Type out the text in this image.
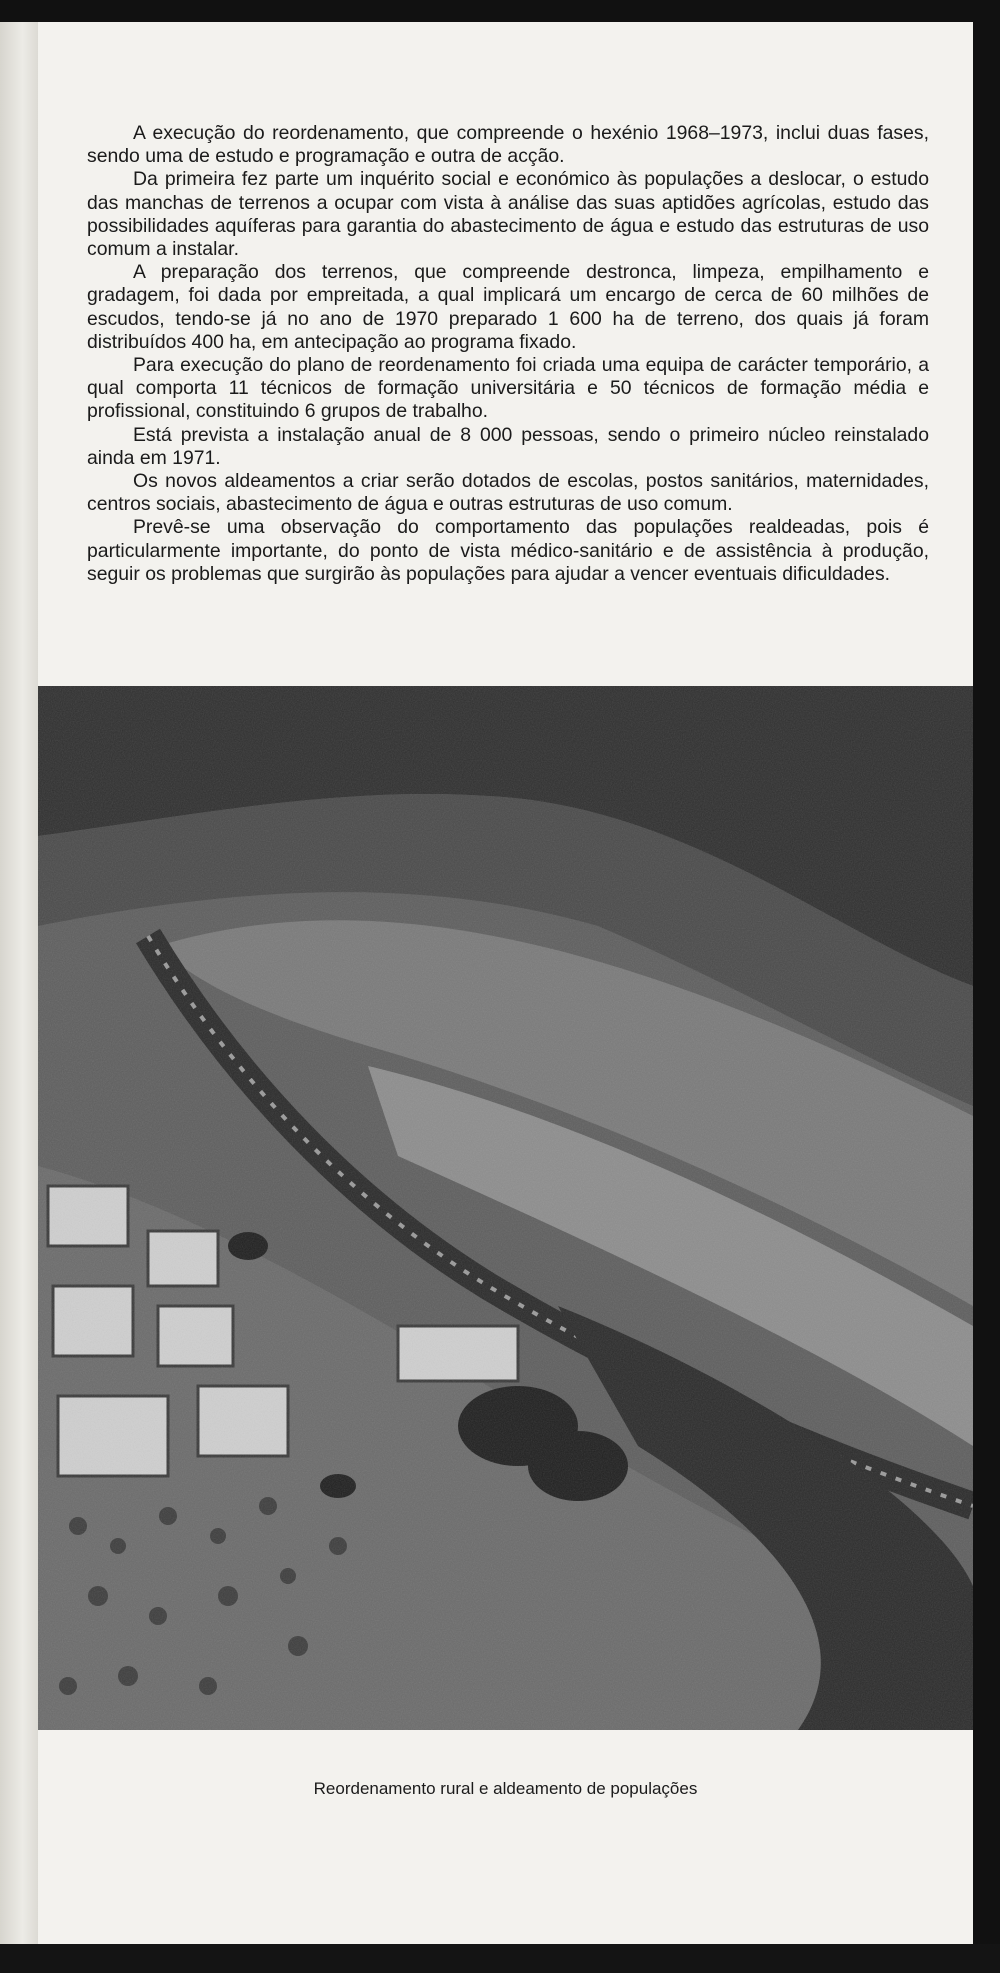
A execução do reordenamento, que compreende o hexénio 1968–1973, inclui duas fases, sendo uma de estudo e programação e outra de acção.

Da primeira fez parte um inquérito social e económico às populações a deslocar, o estudo das manchas de terrenos a ocupar com vista à análise das suas aptidões agrícolas, estudo das possibilidades aquíferas para garantia do abastecimento de água e estudo das estruturas de uso comum a instalar.

A preparação dos terrenos, que compreende destronca, limpeza, empilhamento e gradagem, foi dada por empreitada, a qual implicará um encargo de cerca de 60 milhões de escudos, tendo-se já no ano de 1970 preparado 1 600 ha de terreno, dos quais já foram distribuídos 400 ha, em antecipação ao programa fixado.

Para execução do plano de reordenamento foi criada uma equipa de carácter temporário, a qual comporta 11 técnicos de formação universitária e 50 técnicos de formação média e profissional, constituindo 6 grupos de trabalho.

Está prevista a instalação anual de 8 000 pessoas, sendo o primeiro núcleo reinstalado ainda em 1971.

Os novos aldeamentos a criar serão dotados de escolas, postos sanitários, maternidades, centros sociais, abastecimento de água e outras estruturas de uso comum.

Prevê-se uma observação do comportamento das populações realdeadas, pois é particularmente importante, do ponto de vista médico-sanitário e de assistência à produção, seguir os problemas que surgirão às populações para ajudar a vencer eventuais dificuldades.

Reordenamento rural e aldeamento de populações
